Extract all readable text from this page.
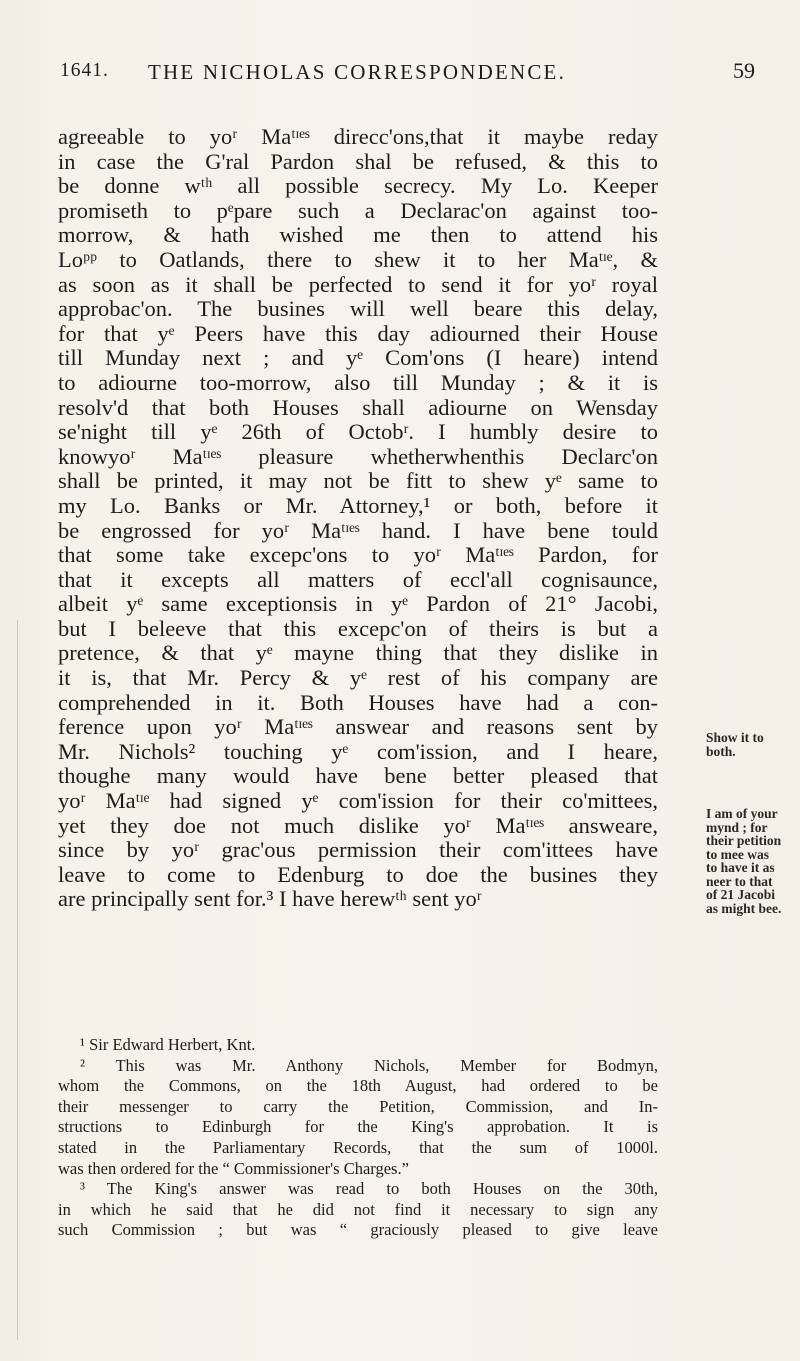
1641. THE NICHOLAS CORRESPONDENCE.	59
agreeable to yoʳ Maᵗᶦᵉˢ direcc'ons,that it maybe reday
in case the G'ral Pardon shal be refused, & this to
be donne wᵗʰ all possible secrecy. My Lo. Keeper
promiseth to pᵉpare such a Declarac'on against too-
morrow, & hath wished me then to attend his
Loᵖᵖ to Oatlands, there to shew it to her Maᵗᶦᵉ, &
as soon as it shall be perfected to send it for yoʳ royal
approbac'on. The busines will well beare this delay,
for that yᵉ Peers have this day adiourned their House
till Munday next ; and yᵉ Com'ons (I heare) intend
to adiourne too-morrow, also till Munday ; & it is
resolv'd that both Houses shall adiourne on Wensday
se'night till yᵉ 26th of Octobʳ. I humbly desire to
knowyoʳ Maᵗᶦᵉˢ pleasure whetherwhenthis Declarc'on
shall be printed, it may not be fitt to shew yᵉ same to
my Lo. Banks or Mr. Attorney,¹ or both, before it
be engrossed for yoʳ Maᵗᶦᵉˢ hand. I have bene tould
that some take excepc'ons to yoʳ Maᵗᶦᵉˢ Pardon, for
that it excepts all matters of eccl'all cognisaunce,
albeit yᵉ same exceptionsis in yᵉ Pardon of 21° Jacobi,
but I beleeve that this excepc'on of theirs is but a
pretence, & that yᵉ mayne thing that they dislike in
it is, that Mr. Percy & yᵉ rest of his company are
comprehended in it. Both Houses have had a con-
ference upon yoʳ Maᵗᶦᵉˢ answear and reasons sent by
Mr. Nichols² touching yᵉ com'ission, and I heare,
thoughe many would have bene better pleased that
yoʳ Maᵗᶦᵉ had signed yᵉ com'ission for their co'mittees,
yet they doe not much dislike yoʳ Maᵗᶦᵉˢ answeare,
since by yoʳ grac'ous permission their com'ittees have
leave to come to Edenburg to doe the busines they
are principally sent for.³ I have herewᵗʰ sent yoʳ
Show it to
both.
I am of your
mynd ; for
their petition
to mee was
to have it as
neer to that
of 21 Jacobi
as might bee.
¹ Sir Edward Herbert, Knt.
² This was Mr. Anthony Nichols, Member for Bodmyn,
whom the Commons, on the 18th August, had ordered to be
their messenger to carry the Petition, Commission, and In-
structions to Edinburgh for the King's approbation. It is
stated in the Parliamentary Records, that the sum of 1000l.
was then ordered for the “ Commissioner's Charges.”
³ The King's answer was read to both Houses on the 30th,
in which he said that he did not find it necessary to sign any
such Commission ; but was “ graciously pleased to give leave
